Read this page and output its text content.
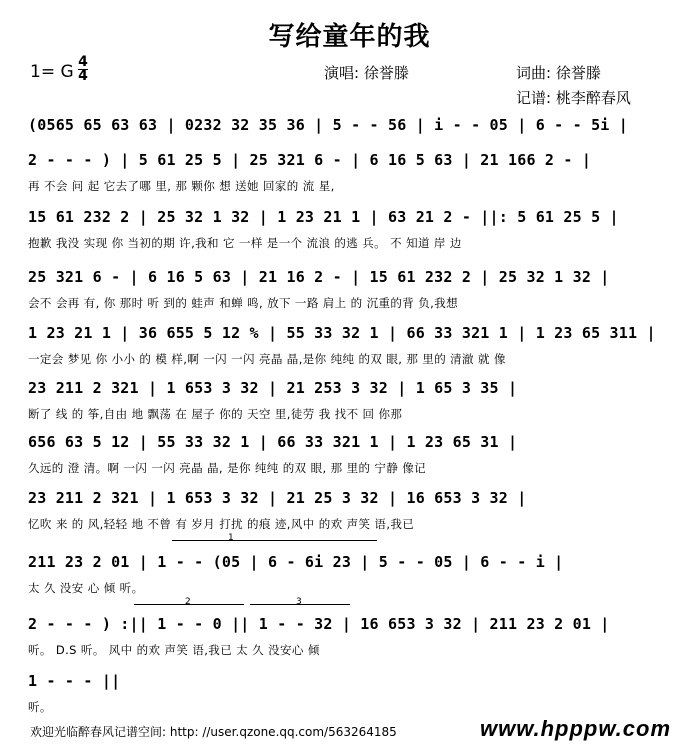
写给童年的我
1= G 4
4	演唱: 徐誉滕	词曲: 徐誉滕
记谱: 桃李醉春风
(0565 65 63 63 | 0232 32 35 36 | 5 - - 56 | i - - 05 | 6 - - 5i |
2 - - - ) | 5 61 25 5 | 25 321 6 - | 6 16 5 63 | 21 166 2 - |
再 不会 问 起 它去了哪 里, 那 颗你 想 送她 回家的 流 星,
15 61 232 2 | 25 32 1 32 | 1 23 21 1 | 63 21 2 - ||: 5 61 25 5 |
抱歉 我没 实现 你 当初的期 许,我和 它 一样 是一个 流浪 的逃 兵。 不 知道 岸 边
25 321 6 - | 6 16 5 63 | 21 16 2 - | 15 61 232 2 | 25 32 1 32 |
会不 会再 有, 你 那时 听 到的 蛙声 和蝉 鸣, 放下 一路 肩上 的 沉重的背 负,我想
1 23 21 1 | 36 655 5 12 % | 55 33 32 1 | 66 33 321 1 | 1 23 65 311 |
一定会 梦见 你 小小 的 模 样,啊 一闪 一闪 亮晶 晶,是你 纯纯 的双 眼, 那 里的 清澈 就 像
23 211 2 321 | 1 653 3 32 | 21 253 3 32 | 1 65 3 35 |
断了 线 的 筝,自由 地 飘荡 在 屋子 你的 天空 里,徒劳 我 找不 回 你那
656 63 5 12 | 55 33 32 1 | 66 33 321 1 | 1 23 65 31 |
久远的 澄 清。啊 一闪 一闪 亮晶 晶, 是你 纯纯 的双 眼, 那 里的 宁静 像记
23 211 2 321 | 1 653 3 32 | 21 25 3 32 | 16 653 3 32 |
忆吹 来 的 风,轻轻 地 不曾 有 岁月 打扰 的痕 迹,风中 的欢 声笑 语,我已
211 23 2 01 | 1 - - (05 | 6 - 6i 23 | 5 - - 05 | 6 - - i |
太 久 没安 心 倾 听。
2 - - - ) :|| 1 - - 0 || 1 - - 32 | 16 653 3 32 | 211 23 2 01 |
听。 D.S 听。 风中 的欢 声笑 语,我已 太 久 没安心 倾
1 - - - ||
听。
1
2	3
欢迎光临醉春风记谱空间: http: //user.qzone.qq.com/563264185	www.hpppw.com
